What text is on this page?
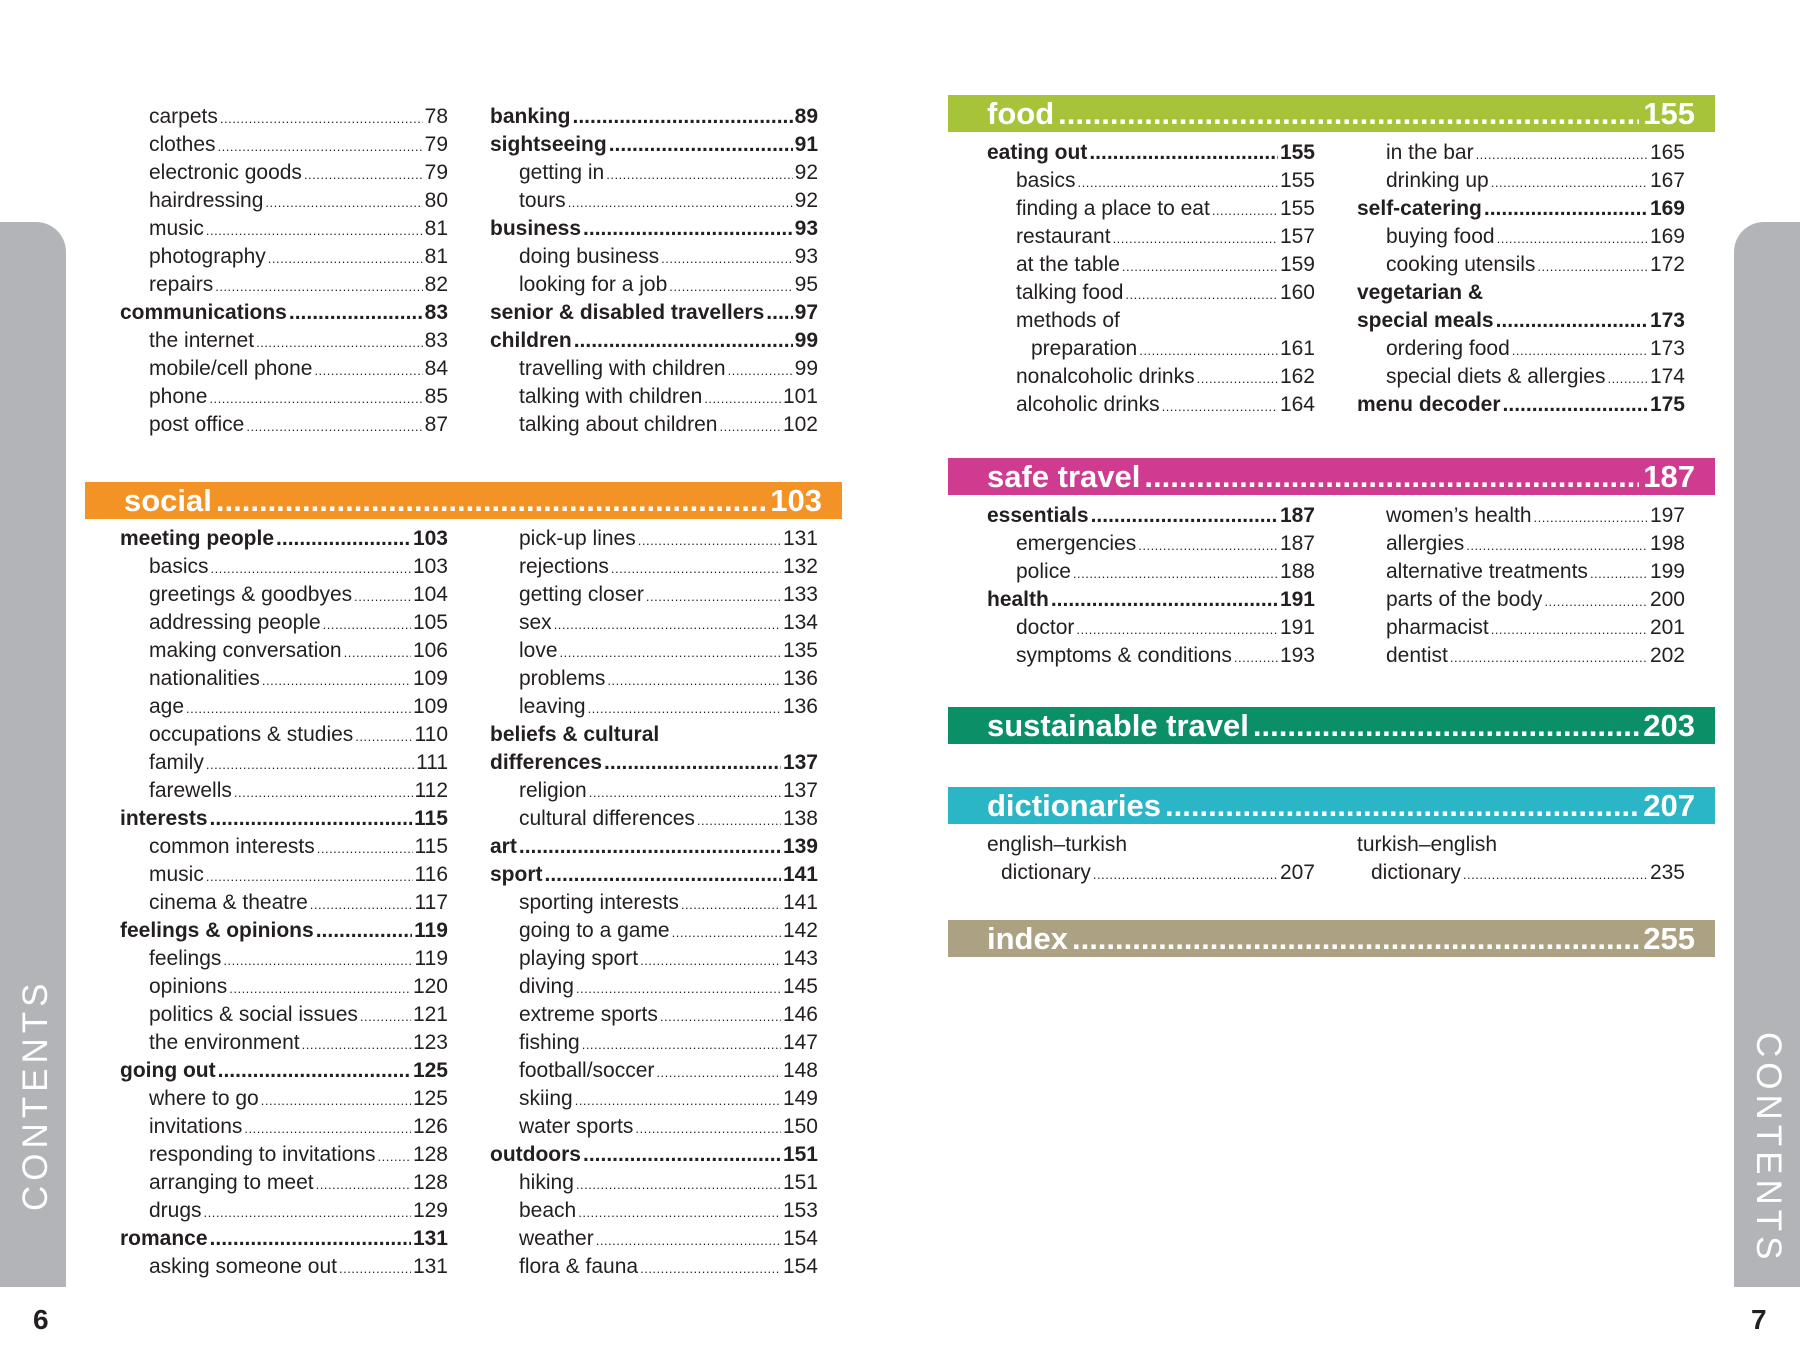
CONTENTS	CONTENTS
6	7
carpets .....	78
clothes .....	79
electronic goods .....	79
hairdressing .....	80
music .....	81
photography .....	81
repairs .....	82
communications .....	83
the internet .....	83
mobile/cell phone .....	84
phone .....	85
post office .....	87
banking .....	89
sightseeing .....	91
getting in .....	92
tours .....	92
business .....	93
doing business .....	93
looking for a job .....	95
senior & disabled travellers ..... 97
children .....	99
travelling with children .....	99
talking with children .....	101
talking about children .....	102
social .....	103
meeting people .....	103
basics .....	103
greetings & goodbyes .....	104
addressing people .....	105
making conversation .....	106
nationalities .....	109
age .....	109
occupations & studies .....	110
family .....	111
farewells .....	112
interests .....	115
common interests .....	115
music .....	116
cinema & theatre .....	117
feelings & opinions .....	119
feelings .....	119
opinions .....	120
politics & social issues .....	121
the environment .....	123
going out .....	125
where to go .....	125
invitations .....	126
responding to invitations ..... 128
arranging to meet .....	128
drugs .....	129
romance .....	131
asking someone out .....	131
pick-up lines .....	131
rejections .....	132
getting closer .....	133
sex .....	134
love .....	135
problems .....	136
leaving .....	136
beliefs & cultural
differences .....	137
religion .....	137
cultural differences .....	138
art .....	139
sport .....	141
sporting interests .....	141
going to a game .....	142
playing sport .....	143
diving .....	145
extreme sports .....	146
fishing .....	147
football/soccer .....	148
skiing .....	149
water sports .....	150
outdoors .....	151
hiking .....	151
beach .....	153
weather .....	154
flora & fauna .....	154
food .....	155
eating out .....	155
basics .....	155
finding a place to eat .....	155
restaurant .....	157
at the table .....	159
talking food .....	160
methods of
preparation .....	161
nonalcoholic drinks .....	162
alcoholic drinks .....	164
in the bar .....	165
drinking up .....	167
self-catering .....	169
buying food .....	169
cooking utensils .....	172
vegetarian &
special meals .....	173
ordering food .....	173
special diets & allergies ..... 174
menu decoder .....	175
safe travel .....	187
essentials .....	187
emergencies .....	187
police .....	188
health .....	191
doctor .....	191
symptoms & conditions ..... 193
women’s health .....	197
allergies .....	198
alternative treatments .....	199
parts of the body .....	200
pharmacist .....	201
dentist .....	202
sustainable travel .....	203
dictionaries .....	207
english–turkish
dictionary .....	207
turkish–english
dictionary .....	235
index .....	255
